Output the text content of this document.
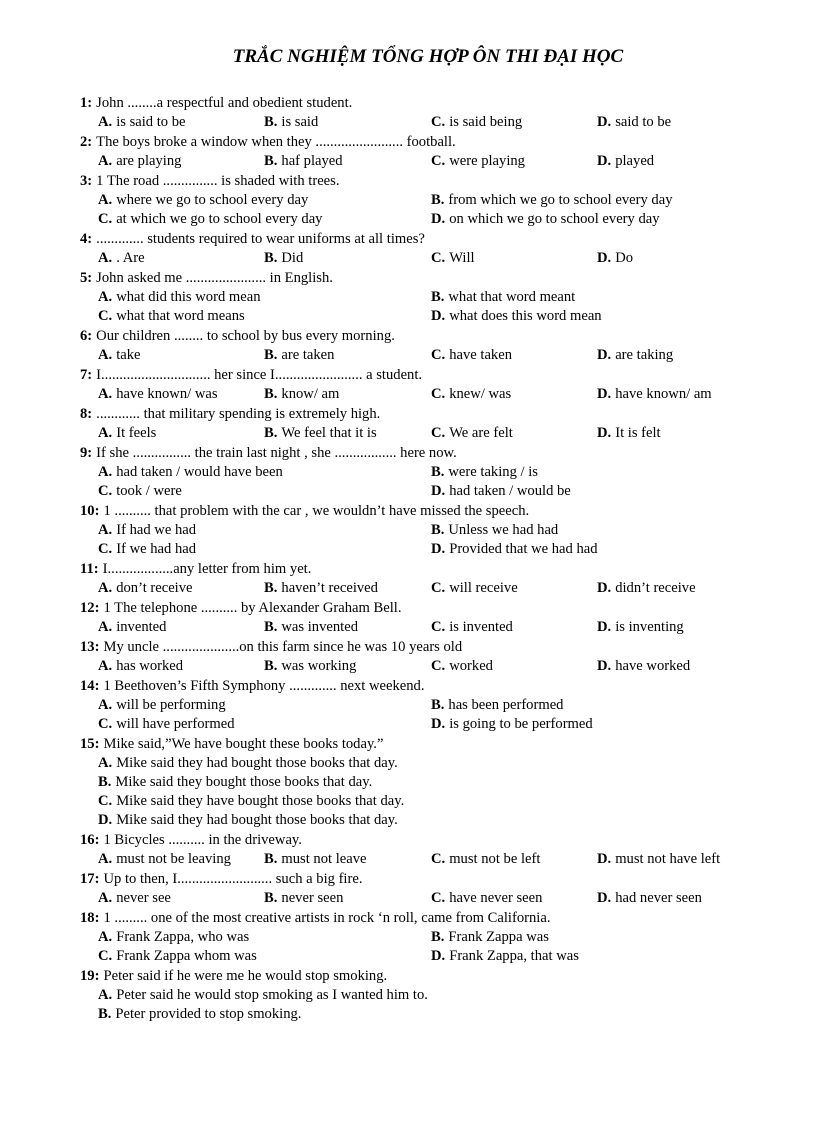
TRẮC NGHIỆM TỔNG HỢP ÔN THI ĐẠI HỌC
1: John ........a respectful and obedient student.
A. is said to be	B. is said	C. is said being	D. said to be
2: The boys broke a window when they ........................ football.
A. are playing	B. haf played	C. were playing	D. played
3: 1 The road ............... is shaded with trees.
A. where we go to school every day	B. from which we go to school every day
C. at which we go to school every day	D. on which we go to school every day
4: ............. students required to wear uniforms at all times?
A. . Are	B. Did	C. Will	D. Do
5: John asked me ...................... in English.
A. what did this word mean	B. what that word meant
C. what that word means	D. what does this word mean
6: Our children ........ to school by bus every morning.
A. take	B. are taken	C. have taken	D. are taking
7: I.............................. her since I........................ a student.
A. have known/ was	B. know/ am	C. knew/ was	D. have known/ am
8: ............ that military spending is extremely high.
A. It feels	B. We feel that it is	C. We are felt	D. It is felt
9: If she ................ the train last night , she ................. here now.
A. had taken / would have been	B. were taking / is
C. took / were	D. had taken / would be
10: 1 .......... that problem with the car , we wouldn’t have missed the speech.
A. If had we had	B. Unless we had had
C. If we had had	D. Provided that we had had
11: I..................any letter from him yet.
A. don’t receive	B. haven’t received	C. will receive	D. didn’t receive
12: 1 The telephone .......... by Alexander Graham Bell.
A. invented	B. was invented	C. is invented	D. is inventing
13: My uncle .....................on this farm since he was 10 years old
A. has worked	B. was working	C. worked	D. have worked
14: 1 Beethoven’s Fifth Symphony ............. next weekend.
A. will be performing	B. has been performed
C. will have performed	D. is going to be performed
15: Mike said,”We have bought these books today.”
A. Mike said they had bought those books that day.
B. Mike said they bought those books that day.
C. Mike said they have bought those books that day.
D. Mike said they had bought those books that day.
16: 1 Bicycles .......... in the driveway.
A. must not be leaving B. must not leave	C. must not be left	D. must not have left
17: Up to then, I.......................... such a big fire.
A. never see	B. never seen	C. have never seen	D. had never seen
18: 1 ......... one of the most creative artists in rock ‘n roll, came from California.
A. Frank Zappa, who was	B. Frank Zappa was
C. Frank Zappa whom was	D. Frank Zappa, that was
19: Peter said if he were me he would stop smoking.
A. Peter said he would stop smoking as I wanted him to.
B. Peter provided to stop smoking.
